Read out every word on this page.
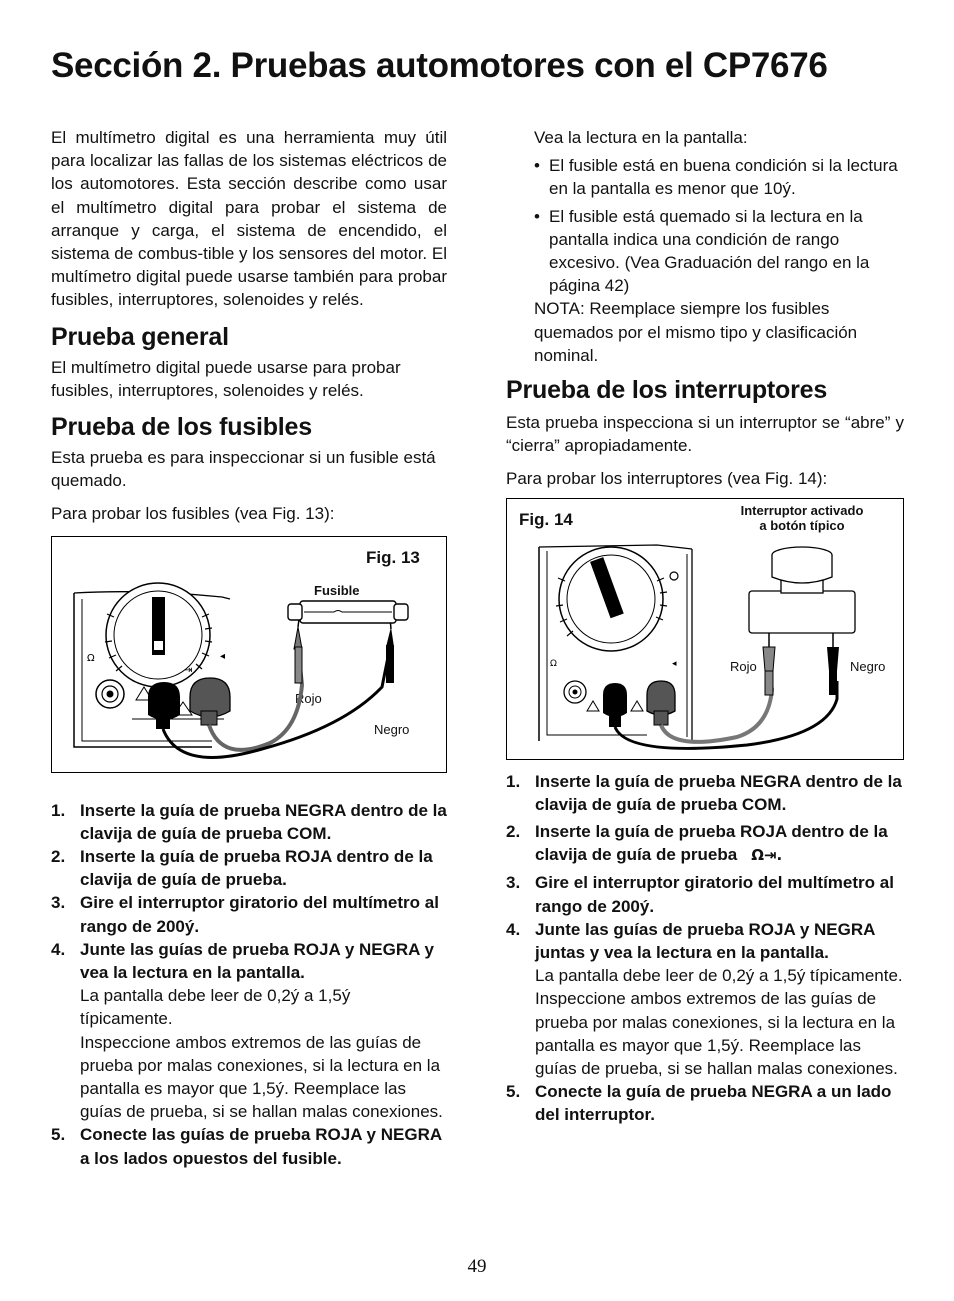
Sección 2. Pruebas automotores con el CP7676

El multímetro digital es una herramienta muy útil para localizar las fallas de los sistemas eléctricos de los automotores. Esta sección describe como usar el multímetro digital para probar el sistema de arranque y carga, el sistema de encendido, el sistema de combus-tible y los sensores del motor. El multímetro digital puede usarse también para probar fusibles, interruptores, solenoides y relés.

Prueba general

El multímetro digital puede usarse para probar fusibles, interruptores, solenoides y relés.

Prueba de los fusibles

Esta prueba es para inspeccionar si un fusible está quemado.

Para probar los fusibles (vea Fig. 13):

Fig. 13
Fusible
Rojo
Negro
Ω
⇥
◂
1. Inserte la guía de prueba NEGRA dentro de la clavija de guía de prueba COM.
2. Inserte la guía de prueba ROJA dentro de la clavija de guía de prueba.
3. Gire el interruptor giratorio del multímetro al rango de 200ý.
4. Junte las guías de prueba ROJA y NEGRA y vea la lectura en la pantalla.
La pantalla debe leer de 0,2ý a 1,5ý típicamente.
Inspeccione ambos extremos de las guías de prueba por malas conexiones, si la lectura en la pantalla es mayor que 1,5ý. Reemplace las guías de prueba, si se hallan malas conexiones.
5. Conecte las guías de prueba ROJA y NEGRA a los lados opuestos del fusible.

Vea la lectura en la pantalla:

• El fusible está en buena condición si la lectura en la pantalla es menor que 10ý.
• El fusible está quemado si la lectura en la pantalla indica una condición de rango excesivo. (Vea Graduación del rango en la página 42)

NOTA: Reemplace siempre los fusibles quemados por el mismo tipo y clasificación nominal.

Prueba de los interruptores

Esta prueba inspecciona si un interruptor se “abre” y “cierra” apropiadamente.

Para probar los interruptores (vea Fig. 14):

Fig. 14	Interruptor activado
a botón típico
Rojo	Negro
Ω	◂
1. Inserte la guía de prueba NEGRA dentro de la clavija de guía de prueba COM.
2. Inserte la guía de prueba ROJA dentro de la clavija de guía de prueba Ω⇥.
3. Gire el interruptor giratorio del multímetro al rango de 200ý.
4. Junte las guías de prueba ROJA y NEGRA juntas y vea la lectura en la pantalla.
La pantalla debe leer de 0,2ý a 1,5ý típicamente.
Inspeccione ambos extremos de las guías de prueba por malas conexiones, si la lectura en la pantalla es mayor que 1,5ý. Reemplace las guías de prueba, si se hallan malas conexiones.
5. Conecte la guía de prueba NEGRA a un lado del interruptor.
49
